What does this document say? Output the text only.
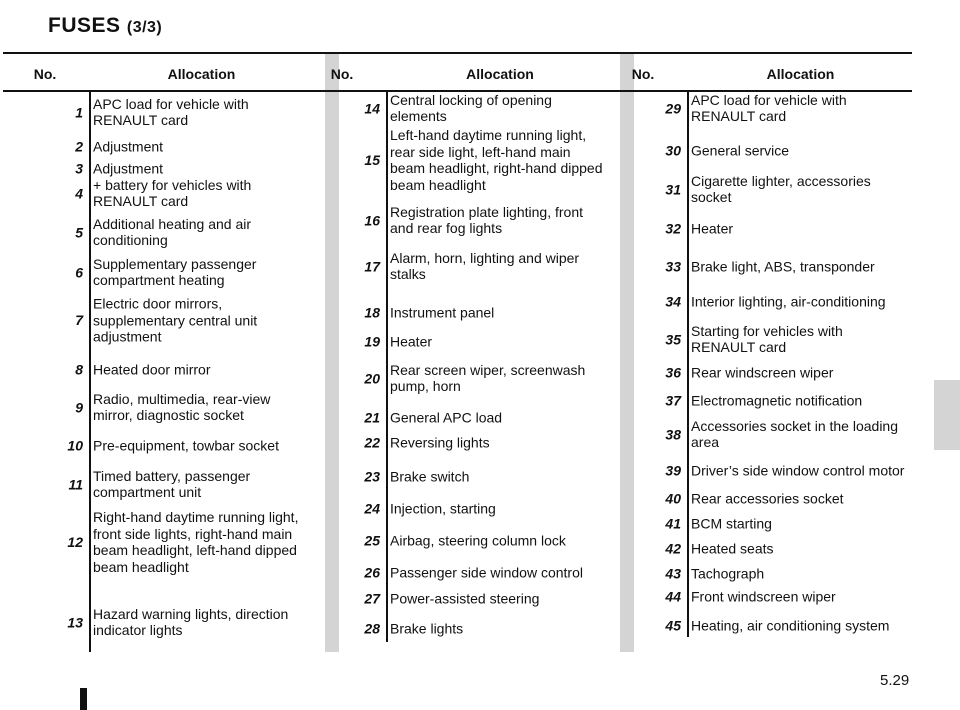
FUSES (3/3)
No.	Allocation
1
APC load for vehicle with RENAULT card
2 Adjustment
3 Adjustment
4
+ battery for vehicles with RENAULT card
5
Additional heating and air conditioning
6
Supplementary passenger compartment heating
7
Electric door mirrors, supplementary central unit adjustment
8 Heated door mirror
9
Radio, multimedia, rear-view mirror, diagnostic socket
10 Pre-equipment, towbar socket
11
Timed battery, passenger compartment unit
12
Right-hand daytime running light, front side lights, right-hand main beam headlight, left-hand dipped beam headlight
13
Hazard warning lights, direction indicator lights
No.	Allocation
14
Central locking of opening elements
15
Left-hand daytime running light, rear side light, left-hand main beam headlight, right-hand dipped beam headlight
16
Registration plate lighting, front and rear fog lights
17
Alarm, horn, lighting and wiper stalks
18 Instrument panel
19 Heater
20
Rear screen wiper, screenwash pump, horn
21 General APC load
22 Reversing lights
23 Brake switch
24 Injection, starting
25 Airbag, steering column lock
26 Passenger side window control
27 Power-assisted steering
28 Brake lights
No.	Allocation
29
APC load for vehicle with RENAULT card
30 General service
31
Cigarette lighter, accessories socket
32 Heater
33 Brake light, ABS, transponder
34 Interior lighting, air-conditioning
35
Starting for vehicles with RENAULT card
36 Rear windscreen wiper
37 Electromagnetic notification
38
Accessories socket in the loading area
39 Driver’s side window control motor
40 Rear accessories socket
41 BCM starting
42 Heated seats
43 Tachograph
44 Front windscreen wiper
45 Heating, air conditioning system
5.29
